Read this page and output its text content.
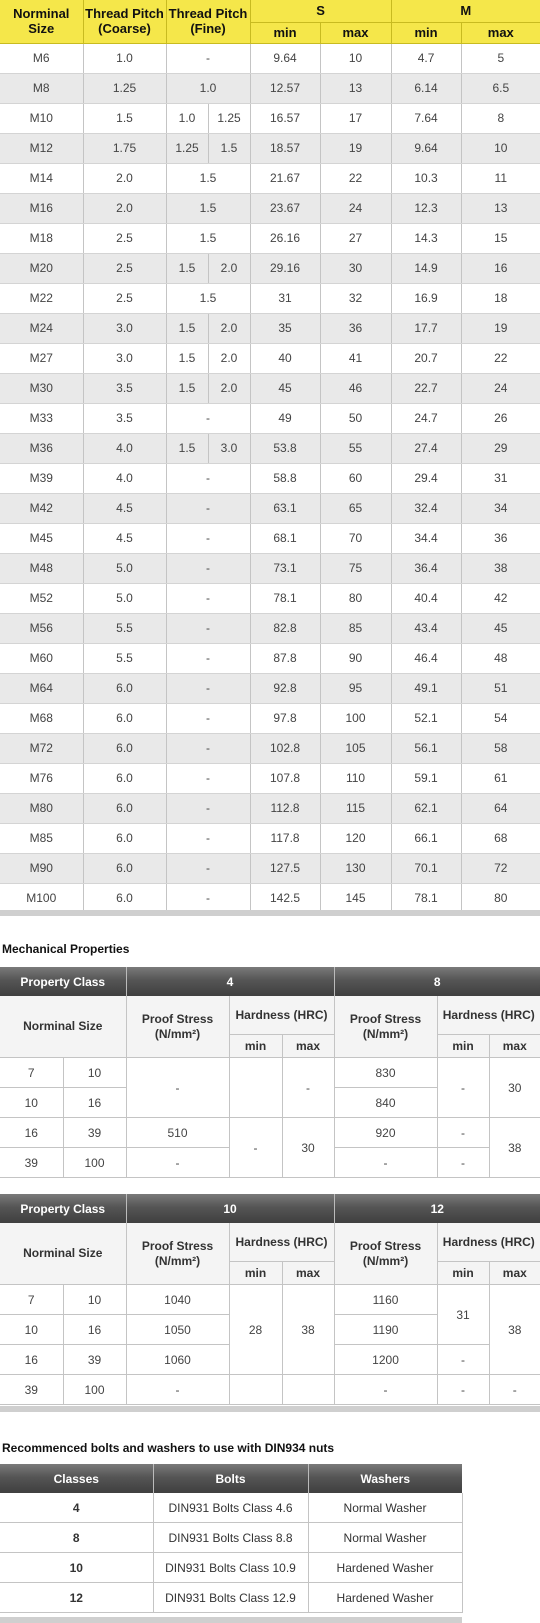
Norminal Size	Thread Pitch (Coarse)	Thread Pitch (Fine)		S		M	
				min	max	min	max
M6	1.0	-		9.64	10	4.7	5
M8	1.25	1.0		12.57	13	6.14	6.5
M10	1.5	1.0	1.25	16.57	17	7.64	8
M12	1.75	1.25	1.5	18.57	19	9.64	10
M14	2.0	1.5		21.67	22	10.3	11
M16	2.0	1.5		23.67	24	12.3	13
M18	2.5	1.5		26.16	27	14.3	15
M20	2.5	1.5	2.0	29.16	30	14.9	16
M22	2.5	1.5		31	32	16.9	18
M24	3.0	1.5	2.0	35	36	17.7	19
M27	3.0	1.5	2.0	40	41	20.7	22
M30	3.5	1.5	2.0	45	46	22.7	24
M33	3.5	-		49	50	24.7	26
M36	4.0	1.5	3.0	53.8	55	27.4	29
M39	4.0	-		58.8	60	29.4	31
M42	4.5	-		63.1	65	32.4	34
M45	4.5	-		68.1	70	34.4	36
M48	5.0	-		73.1	75	36.4	38
M52	5.0	-		78.1	80	40.4	42
M56	5.5	-		82.8	85	43.4	45
M60	5.5	-		87.8	90	46.4	48
M64	6.0	-		92.8	95	49.1	51
M68	6.0	-		97.8	100	52.1	54
M72	6.0	-		102.8	105	56.1	58
M76	6.0	-		107.8	110	59.1	61
M80	6.0	-		112.8	115	62.1	64
M85	6.0	-		117.8	120	66.1	68
M90	6.0	-		127.5	130	70.1	72
M100	6.0	-		142.5	145	78.1	80
Mechanical Properties
Property Class		4			8		
Norminal Size		Proof Stress (N/mm²)	Hardness (HRC)		Proof Stress (N/mm²)	Hardness (HRC)	
			min	max		min	max
7	10	-		-	830	-	30
10	16				840		
16	39	510	-	30	920	-	38
39	100	-			-	-	
Property Class		10			12		
Norminal Size		Proof Stress (N/mm²)	Hardness (HRC)		Proof Stress (N/mm²)	Hardness (HRC)	
			min	max		min	max
7	10	1040	28	38	1160	31	38
10	16	1050			1190		
16	39	1060			1200	-	
39	100	-			-	-	-
Recommenced bolts and washers to use with DIN934 nuts
Classes	Bolts	Washers
4	DIN931 Bolts Class 4.6	Normal Washer
8	DIN931 Bolts Class 8.8	Normal Washer
10	DIN931 Bolts Class 10.9	Hardened Washer
12	DIN931 Bolts Class 12.9	Hardened Washer
